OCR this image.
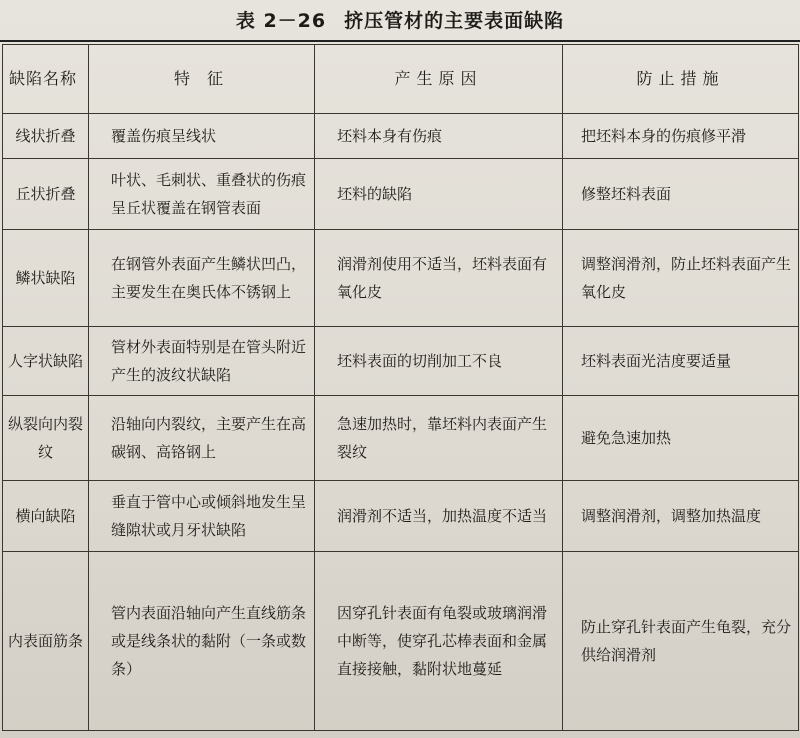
表 2－26 挤压管材的主要表面缺陷
缺陷名称	特 征	产生原因	防止措施
线状折叠	覆盖伤痕呈线状	坯料本身有伤痕	把坯料本身的伤痕修平滑
丘状折叠	叶状、毛刺状、重叠状的伤痕呈丘状覆盖在钢管表面	坯料的缺陷	修整坯料表面
鳞状缺陷	在钢管外表面产生鳞状凹凸，主要发生在奥氏体不锈钢上	润滑剂使用不适当，坯料表面有氧化皮	调整润滑剂，防止坯料表面产生氧化皮
人字状缺陷	管材外表面特别是在管头附近产生的波纹状缺陷	坯料表面的切削加工不良	坯料表面光洁度要适量
纵裂向内裂纹	沿轴向内裂纹，主要产生在高碳钢、高铬钢上	急速加热时，靠坯料内表面产生裂纹	避免急速加热
横向缺陷	垂直于管中心或倾斜地发生呈缝隙状或月牙状缺陷	润滑剂不适当，加热温度不适当	调整润滑剂，调整加热温度
内表面筋条	管内表面沿轴向产生直线筋条或是线条状的黏附（一条或数条）	因穿孔针表面有龟裂或玻璃润滑中断等，使穿孔芯棒表面和金属直接接触，黏附状地蔓延	防止穿孔针表面产生龟裂，充分供给润滑剂
